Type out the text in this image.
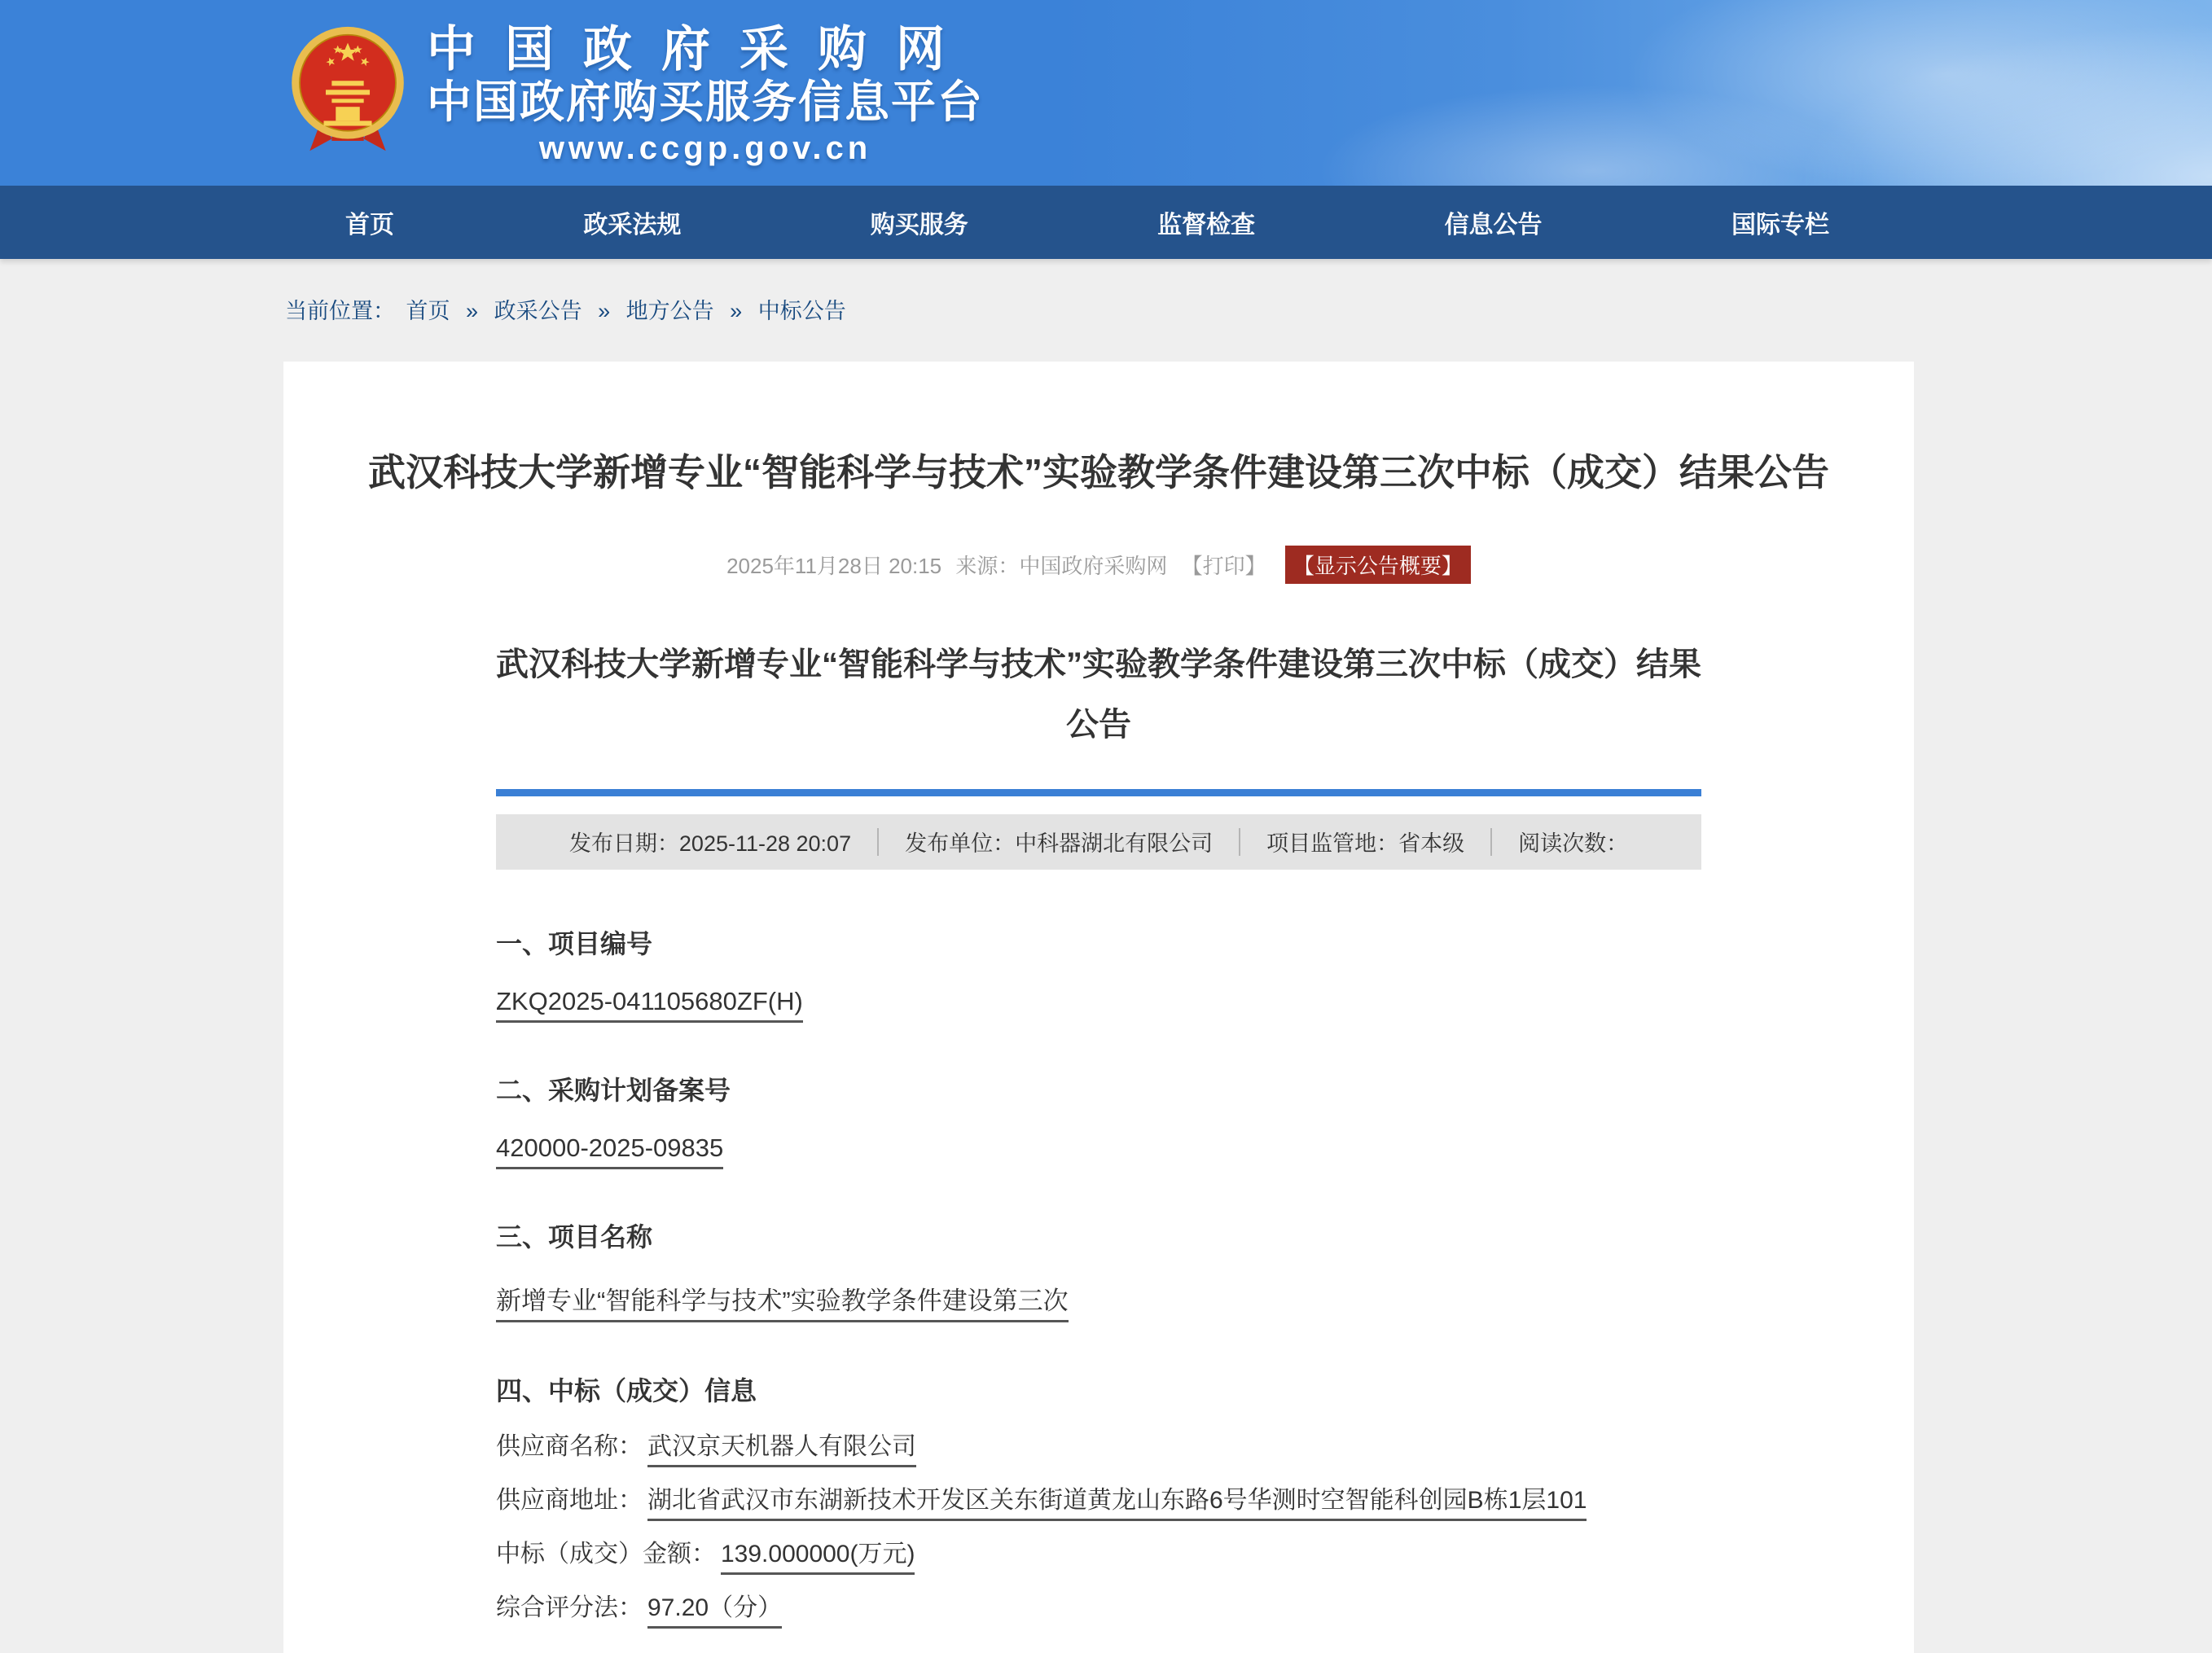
中国政府采购网
中国政府购买服务信息平台
www.ccgp.gov.cn
首页	政采法规	购买服务	监督检查	信息公告	国际专栏
当前位置： 首页 » 政采公告 » 地方公告 » 中标公告
武汉科技大学新增专业“智能科学与技术”实验教学条件建设第三次中标（成交）结果公告
2025年11月28日 20:15 来源：中国政府采购网 【打印】 【显示公告概要】
武汉科技大学新增专业“智能科学与技术”实验教学条件建设第三次中标（成交）结果公告
发布日期：2025-11-28 20:07 发布单位：中科器湖北有限公司 项目监管地：省本级 阅读次数：
一、项目编号

ZKQ2025-041105680ZF(H)

二、采购计划备案号

420000-2025-09835

三、项目名称

新增专业“智能科学与技术”实验教学条件建设第三次

四、中标（成交）信息

供应商名称： 武汉京天机器人有限公司

供应商地址： 湖北省武汉市东湖新技术开发区关东街道黄龙山东路6号华测时空智能科创园B栋1层101

中标（成交）金额： 139.000000(万元)

综合评分法： 97.20（分）
